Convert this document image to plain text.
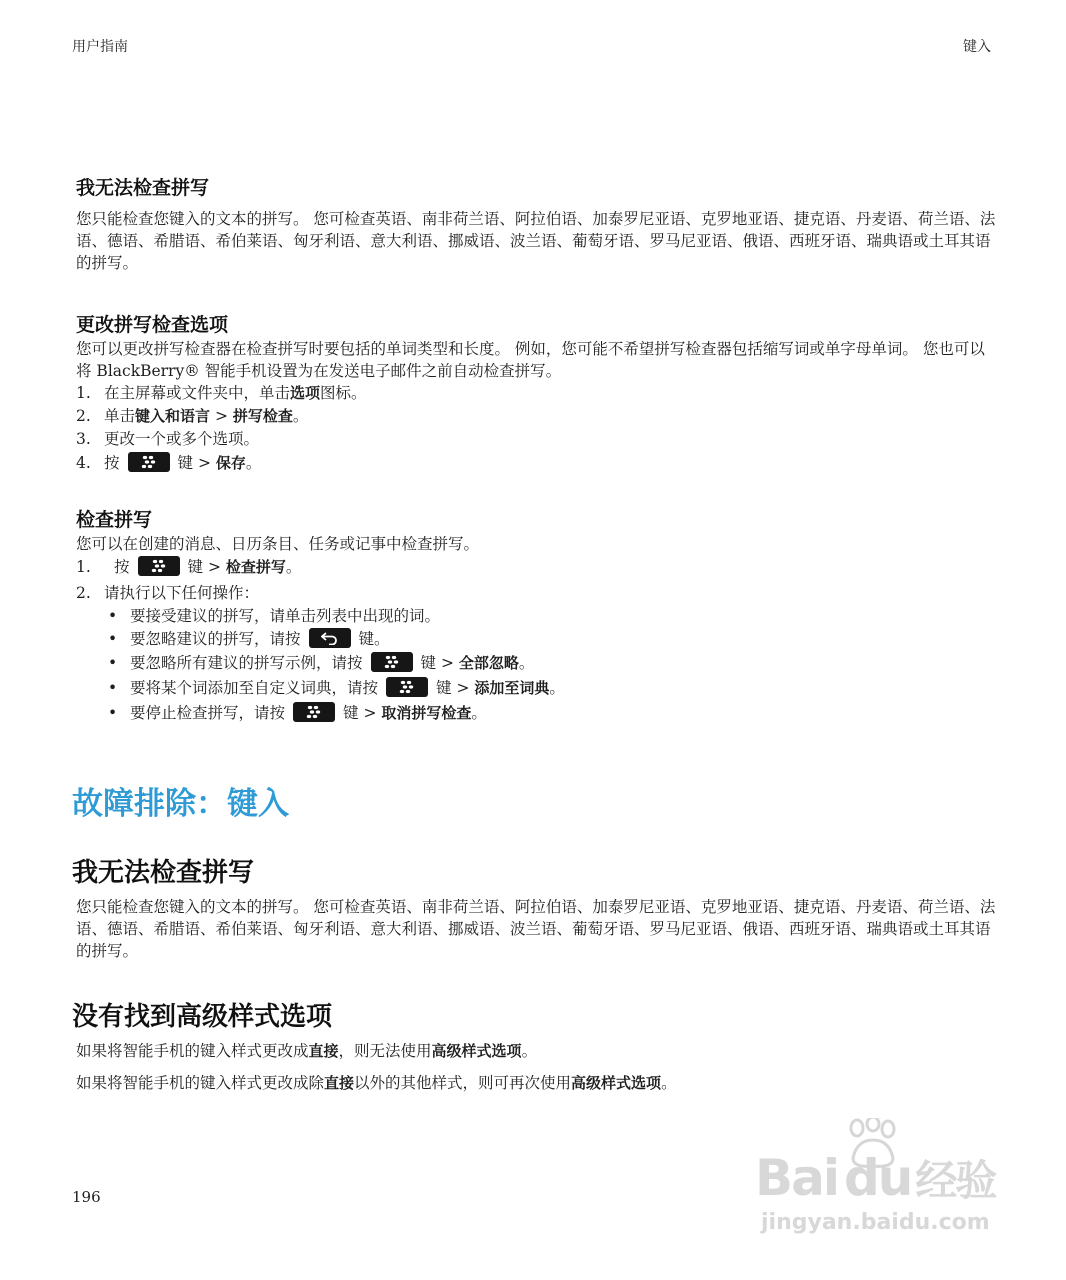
用户指南	键入
我无法检查拼写
您只能检查您键入的文本的拼写。 您可检查英语、南非荷兰语、阿拉伯语、加泰罗尼亚语、克罗地亚语、捷克语、丹麦语、荷兰语、法语、德语、希腊语、希伯莱语、匈牙利语、意大利语、挪威语、波兰语、葡萄牙语、罗马尼亚语、俄语、西班牙语、瑞典语或土耳其语的拼写。
更改拼写检查选项
您可以更改拼写检查器在检查拼写时要包括的单词类型和长度。 例如，您可能不希望拼写检查器包括缩写词或单字母单词。 您也可以将 BlackBerry® 智能手机设置为在发送电子邮件之前自动检查拼写。
1. 在主屏幕或文件夹中，单击选项图标。
2. 单击键入和语言 > 拼写检查。
3. 更改一个或多个选项。
4. 按	键 > 保存。
检查拼写
您可以在创建的消息、日历条目、任务或记事中检查拼写。
1. 按	键 > 检查拼写。
2. 请执行以下任何操作：
• 要接受建议的拼写，请单击列表中出现的词。
• 要忽略建议的拼写，请按	键。
• 要忽略所有建议的拼写示例，请按	键 > 全部忽略。
• 要将某个词添加至自定义词典，请按	键 > 添加至词典。
• 要停止检查拼写，请按	键 > 取消拼写检查。
故障排除：键入
我无法检查拼写
您只能检查您键入的文本的拼写。 您可检查英语、南非荷兰语、阿拉伯语、加泰罗尼亚语、克罗地亚语、捷克语、丹麦语、荷兰语、法语、德语、希腊语、希伯莱语、匈牙利语、意大利语、挪威语、波兰语、葡萄牙语、罗马尼亚语、俄语、西班牙语、瑞典语或土耳其语的拼写。
没有找到高级样式选项
如果将智能手机的键入样式更改成直接，则无法使用高级样式选项。
如果将智能手机的键入样式更改成除直接以外的其他样式，则可再次使用高级样式选项。
196	Bai du经验
jingyan.baidu.com
